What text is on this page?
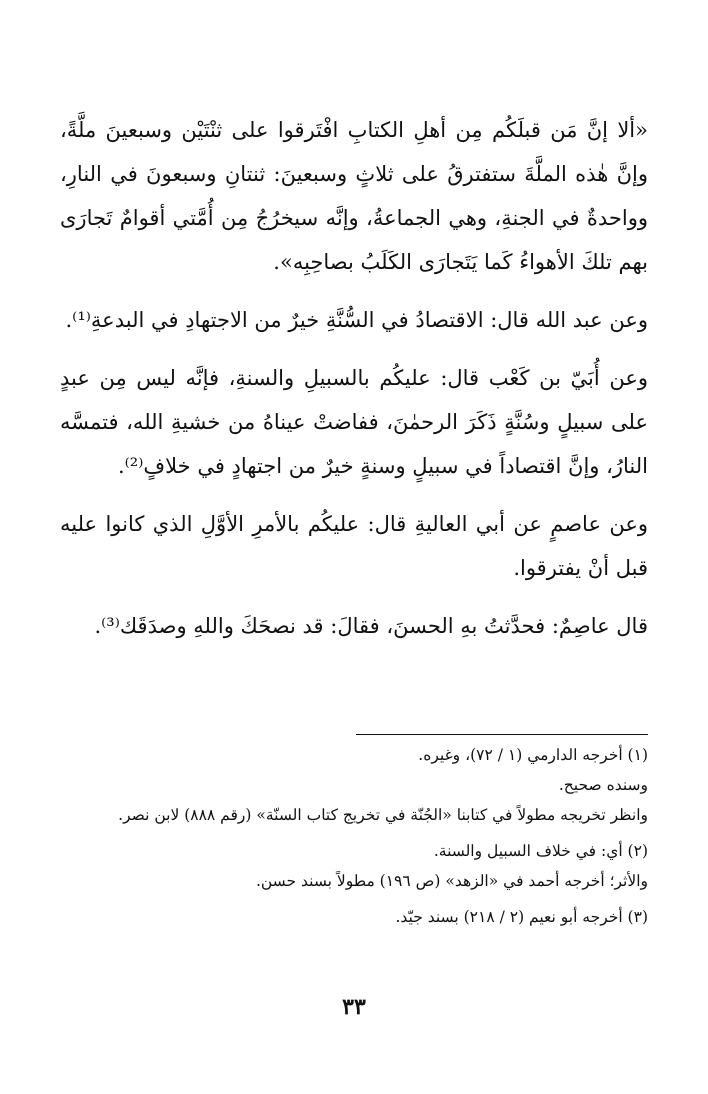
«ألا إنَّ مَن قبلَكُم مِن أهلِ الكتابِ افْتَرقوا على ثنْتَيْن وسبعينَ ملَّةً، وإنَّ هٰذه الملَّةَ ستفترقُ على ثلاثٍ وسبعينَ: ثنتانِ وسبعونَ في النارِ، وواحدةٌ في الجنةِ، وهي الجماعةُ، وإنَّه سيخرُجُ مِن أُمَّتي أقوامٌ تَجارَى بهم تلكَ الأهواءُ كَما يَتَجارَى الكَلَبُ بصاحِبِه».

وعن عبد الله قال: الاقتصادُ في السُّنَّةِ خيرٌ من الاجتهادِ في البدعةِ⁽¹⁾.

وعن أُبَيّ بن كَعْب قال: عليكُم بالسبيلِ والسنةِ، فإنَّه ليس مِن عبدٍ على سبيلٍ وسُنَّةٍ ذَكَرَ الرحمٰنَ، ففاضتْ عيناهُ من خشيةِ الله، فتمسَّه النارُ، وإنَّ اقتصاداً في سبيلٍ وسنةٍ خيرٌ من اجتهادٍ في خلافٍ⁽²⁾.

وعن عاصمٍ عن أبي العاليةِ قال: عليكُم بالأمرِ الأوَّلِ الذي كانوا عليه قبل أنْ يفترقوا.

قال عاصِمٌ: فحدَّثتُ بهِ الحسنَ، فقالَ: قد نصحَكَ واللهِ وصدَقَك⁽³⁾.

(١) أخرجه الدارمي (١ / ٧٢)، وغيره.
وسنده صحيح.
وانظر تخريجه مطولاً في كتابنا «الجُنّة في تخريج كتاب السنّة» (رقم ٨٨٨) لابن نصر.
(٢) أي: في خلاف السبيل والسنة.
والأثر؛ أخرجه أحمد في «الزهد» (ص ١٩٦) مطولاً بسند حسن.
(٣) أخرجه أبو نعيم (٢ / ٢١٨) بسند جيّد.
٣٣
